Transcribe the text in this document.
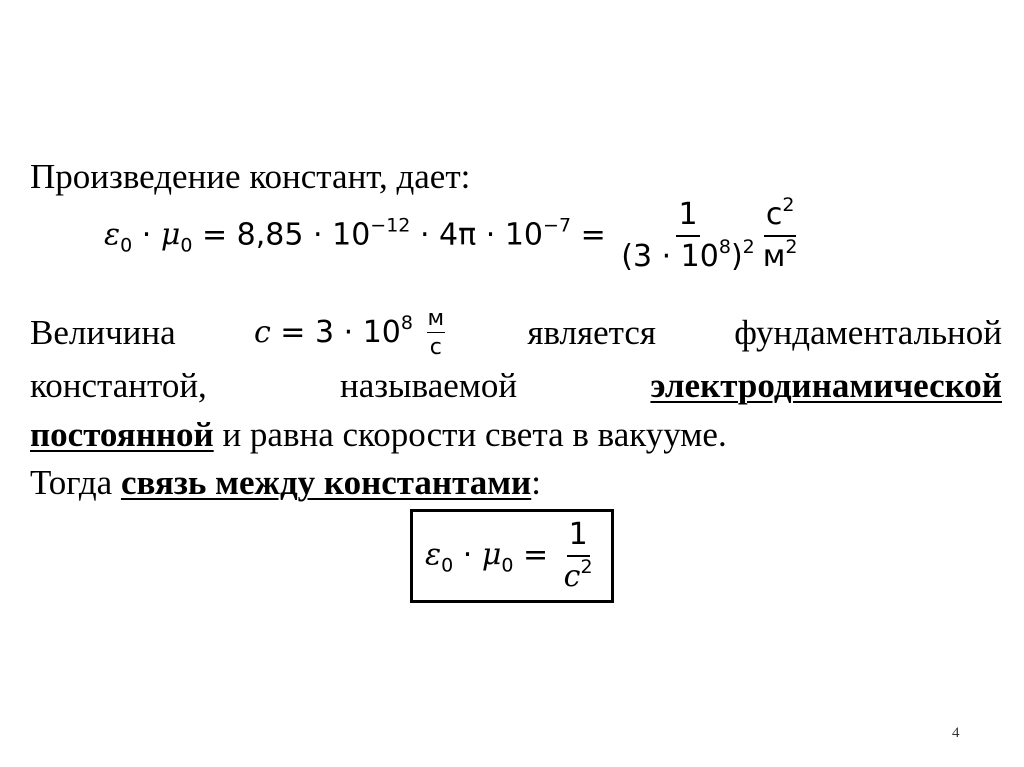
Произведение констант, дает:
$\varepsilon_0 \cdot \mu_0 = 8,85 \cdot 10^{-12} \cdot 4\pi \cdot 10^{-7} = \frac{1}{(3 \cdot 10^8)^2} \frac{с^2}{м^2}$
Величина	$c = 3 \cdot 10^8 \frac{м}{с}$ является фундаментальной
константой,	называемой	электродинамической
постоянной и равна скорости света в вакууме.
Тогда связь между константами:
$\varepsilon_0 \cdot \mu_0 = \frac{1}{c^2}$
4
